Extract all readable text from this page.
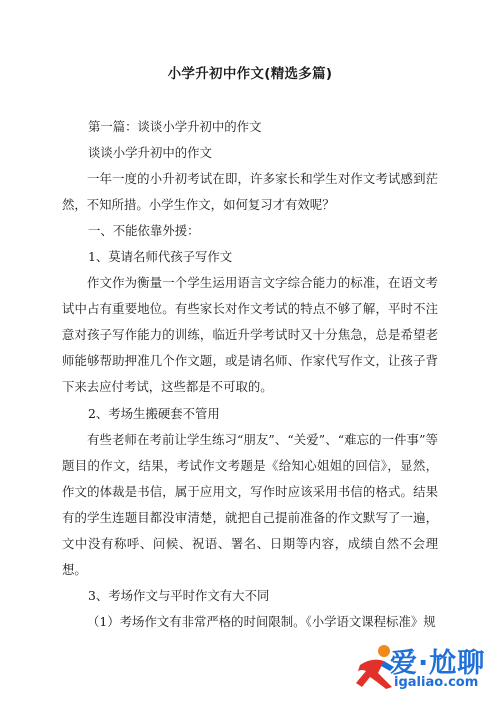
小学升初中作文(精选多篇)
第一篇：谈谈小学升初中的作文
谈谈小学升初中的作文

一年一度的小升初考试在即，许多家长和学生对作文考试感到茫然，不知所措。小学生作文，如何复习才有效呢？

一、不能依靠外援：
1、莫请名师代孩子写作文

作文作为衡量一个学生运用语言文字综合能力的标准，在语文考试中占有重要地位。有些家长对作文考试的特点不够了解，平时不注意对孩子写作能力的训练，临近升学考试时又十分焦急，总是希望老师能够帮助押准几个作文题，或是请名师、作家代写作文，让孩子背下来去应付考试，这些都是不可取的。

2、考场生搬硬套不管用

有些老师在考前让学生练习“朋友”、“关爱”、“难忘的一件事”等题目的作文，结果，考试作文考题是《给知心姐姐的回信》，显然，作文的体裁是书信，属于应用文，写作时应该采用书信的格式。结果有的学生连题目都没审清楚，就把自己提前准备的作文默写了一遍，文中没有称呼、问候、祝语、署名、日期等内容，成绩自然不会理想。

3、考场作文与平时作文有大不同

（1）考场作文有非常严格的时间限制。《小学语文课程标准》规

爱·尬聊
igaliao.com
